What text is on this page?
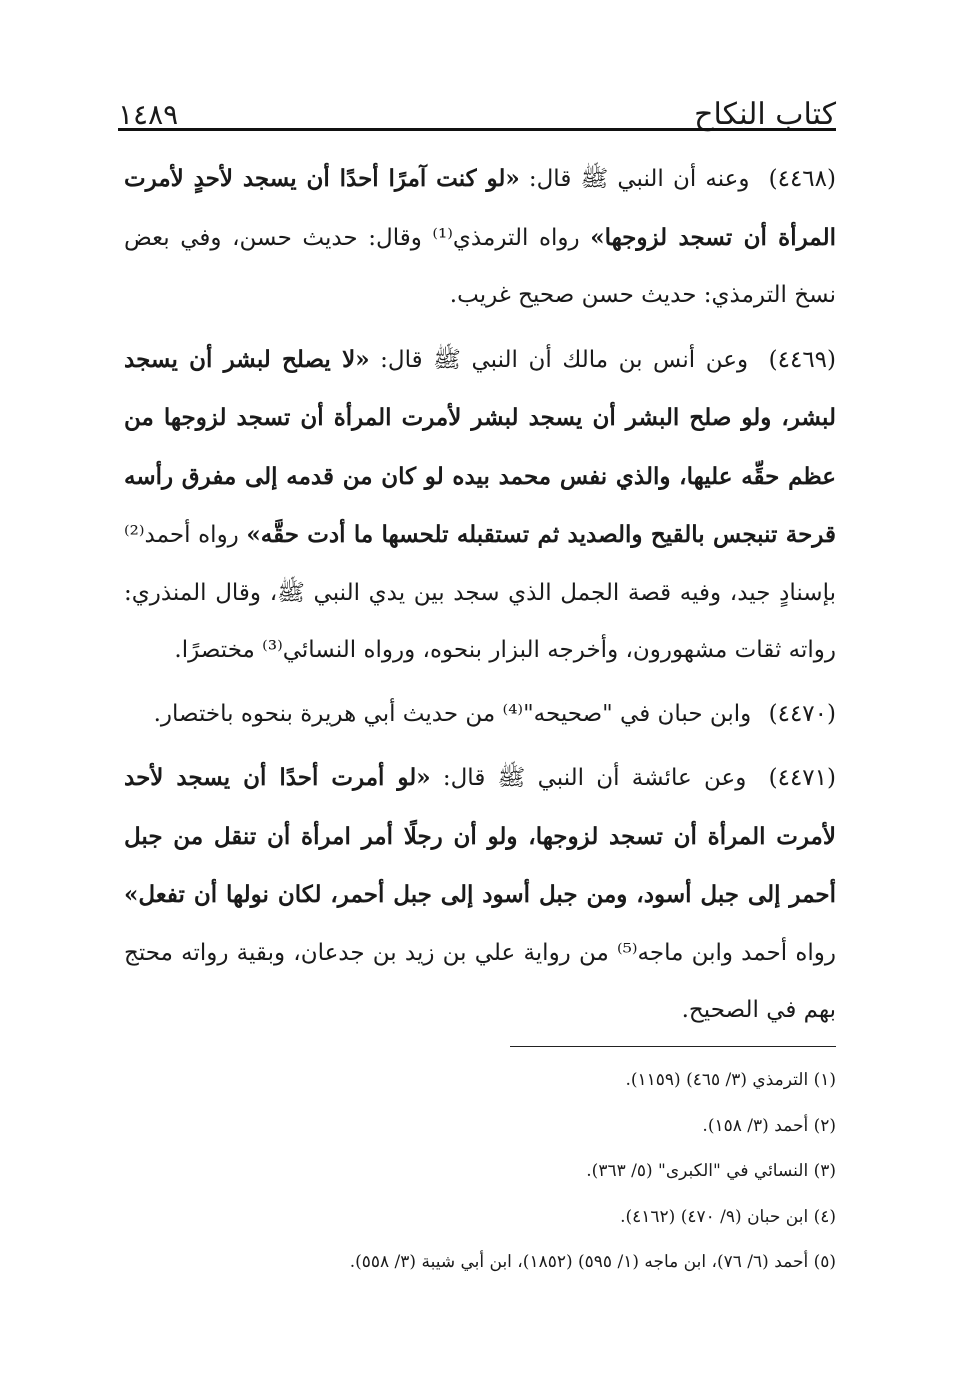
كتاب النكاح
١٤٨٩

(٤٤٦٨) وعنه أن النبي ﷺ قال: «لو كنت آمرًا أحدًا أن يسجد لأحدٍ لأمرت المرأة أن تسجد لزوجها» رواه الترمذي⁽¹⁾ وقال: حديث حسن، وفي بعض نسخ الترمذي: حديث حسن صحيح غريب.

(٤٤٦٩) وعن أنس بن مالك أن النبي ﷺ قال: «لا يصلح لبشر أن يسجد لبشر، ولو صلح البشر أن يسجد لبشر لأمرت المرأة أن تسجد لزوجها من عظم حقِّه عليها، والذي نفس محمد بيده لو كان من قدمه إلى مفرق رأسه قرحة تنبجس بالقيح والصديد ثم تستقبله تلحسها ما أدت حقَّه» رواه أحمد⁽²⁾ بإسنادٍ جيد، وفيه قصة الجمل الذي سجد بين يدي النبي ﷺ، وقال المنذري: رواته ثقات مشهورون، وأخرجه البزار بنحوه، ورواه النسائي⁽³⁾ مختصرًا.

(٤٤٧٠) وابن حبان في "صحيحه"⁽⁴⁾ من حديث أبي هريرة بنحوه باختصار.

(٤٤٧١) وعن عائشة أن النبي ﷺ قال: «لو أمرت أحدًا أن يسجد لأحد لأمرت المرأة أن تسجد لزوجها، ولو أن رجلًا أمر امرأة أن تنقل من جبل أحمر إلى جبل أسود، ومن جبل أسود إلى جبل أحمر، لكان نولها أن تفعل» رواه أحمد وابن ماجه⁽⁵⁾ من رواية علي بن زيد بن جدعان، وبقية رواته محتج بهم في الصحيح.

(١) الترمذي (٣/ ٤٦٥) (١١٥٩).

(٢) أحمد (٣/ ١٥٨).

(٣) النسائي في "الكبرى" (٥/ ٣٦٣).

(٤) ابن حبان (٩/ ٤٧٠) (٤١٦٢).

(٥) أحمد (٦/ ٧٦)، ابن ماجه (١/ ٥٩٥) (١٨٥٢)، ابن أبي شيبة (٣/ ٥٥٨).
